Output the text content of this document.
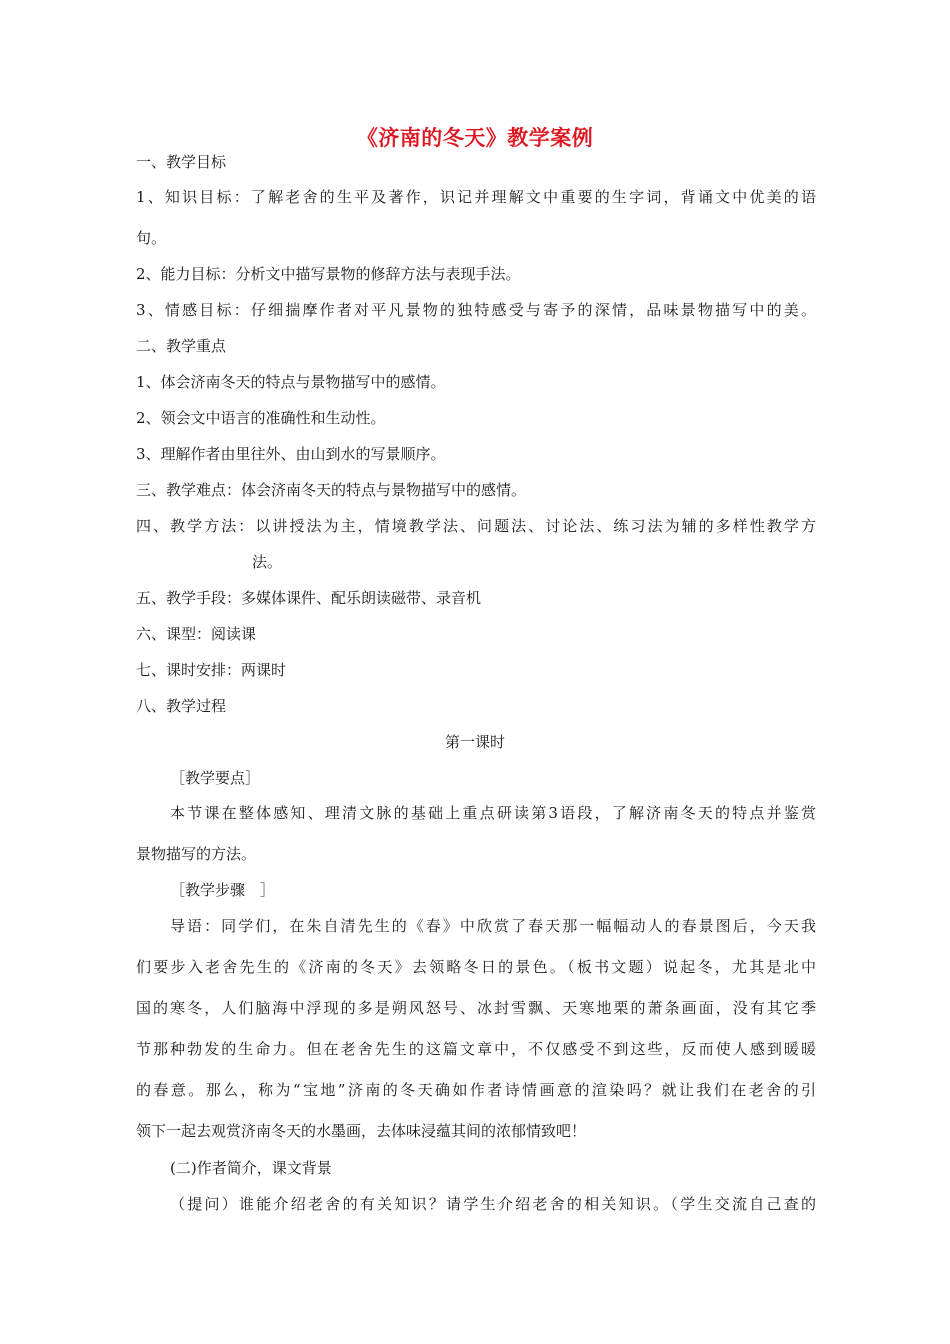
《济南的冬天》教学案例
一、教学目标
1、知识目标：了解老舍的生平及著作，识记并理解文中重要的生字词，背诵文中优美的语
句。
2、能力目标：分析文中描写景物的修辞方法与表现手法。
3、情感目标：仔细揣摩作者对平凡景物的独特感受与寄予的深情，品味景物描写中的美。
二、教学重点
1、体会济南冬天的特点与景物描写中的感情。
2、领会文中语言的准确性和生动性。
3、理解作者由里往外、由山到水的写景顺序。
三、教学难点：体会济南冬天的特点与景物描写中的感情。
四、教学方法：以讲授法为主，情境教学法、问题法、讨论法、练习法为辅的多样性教学方
法。
五、教学手段：多媒体课件、配乐朗读磁带、录音机
六、课型：阅读课
七、课时安排：两课时
八、教学过程
第一课时
［教学要点］
本节课在整体感知、理清文脉的基础上重点研读第3语段，了解济南冬天的特点并鉴赏
景物描写的方法。
［教学步骤　］
导语：同学们，在朱自清先生的《春》中欣赏了春天那一幅幅动人的春景图后，今天我
们要步入老舍先生的《济南的冬天》去领略冬日的景色。（板书文题）说起冬，尤其是北中
国的寒冬，人们脑海中浮现的多是朔风怒号、冰封雪飘、天寒地栗的萧条画面，没有其它季
节那种勃发的生命力。但在老舍先生的这篇文章中，不仅感受不到这些，反而使人感到暖暖
的春意。那么，称为“宝地”济南的冬天确如作者诗情画意的渲染吗？就让我们在老舍的引
领下一起去观赏济南冬天的水墨画，去体味浸蕴其间的浓郁情致吧！
(二)作者简介，课文背景
（提问）谁能介绍老舍的有关知识？请学生介绍老舍的相关知识。（学生交流自己查的
